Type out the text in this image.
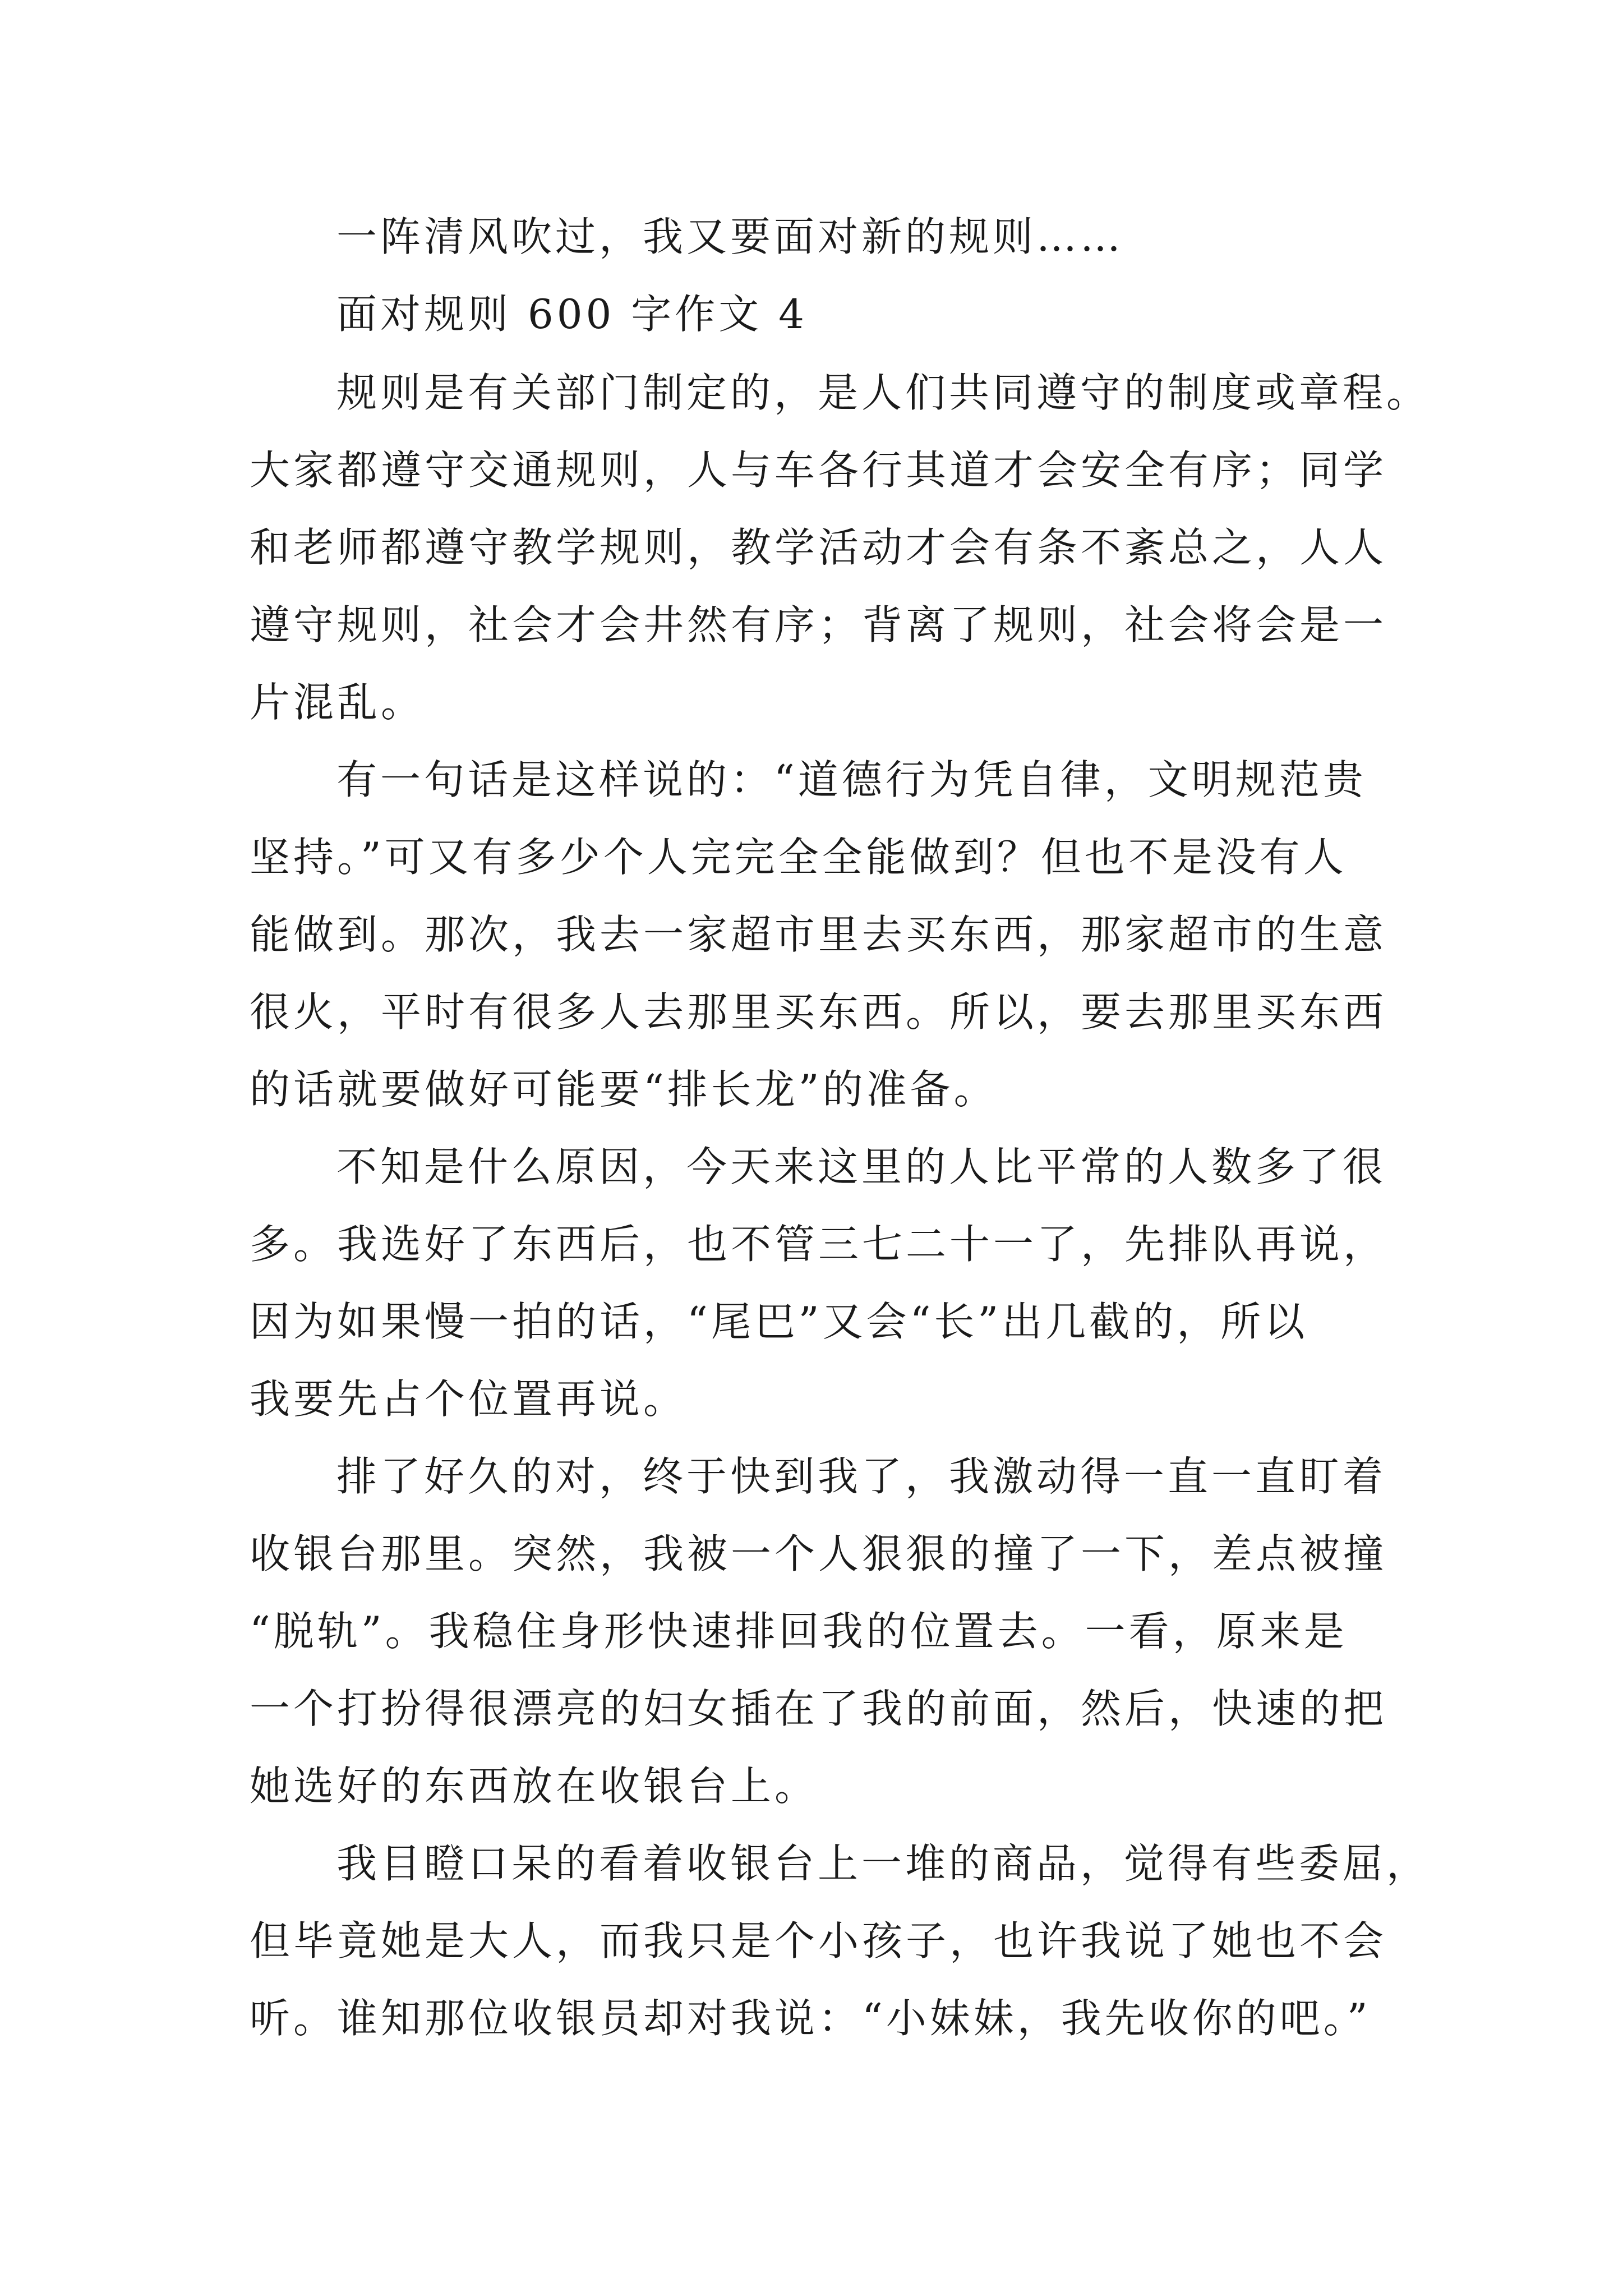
一阵清风吹过，我又要面对新的规则……
面对规则 600 字作文 4
规则是有关部门制定的，是人们共同遵守的制度或章程。
大家都遵守交通规则，人与车各行其道才会安全有序；同学
和老师都遵守教学规则，教学活动才会有条不紊总之，人人
遵守规则，社会才会井然有序；背离了规则，社会将会是一
片混乱。
有一句话是这样说的：“道德行为凭自律，文明规范贵
坚持。”可又有多少个人完完全全能做到？但也不是没有人
能做到。那次，我去一家超市里去买东西，那家超市的生意
很火，平时有很多人去那里买东西。所以，要去那里买东西
的话就要做好可能要“排长龙”的准备。
不知是什么原因，今天来这里的人比平常的人数多了很
多。我选好了东西后，也不管三七二十一了，先排队再说，
因为如果慢一拍的话，“尾巴”又会“长”出几截的，所以
我要先占个位置再说。
排了好久的对，终于快到我了，我激动得一直一直盯着
收银台那里。突然，我被一个人狠狠的撞了一下，差点被撞
“脱轨”。我稳住身形快速排回我的位置去。一看，原来是
一个打扮得很漂亮的妇女插在了我的前面，然后，快速的把
她选好的东西放在收银台上。
我目瞪口呆的看着收银台上一堆的商品，觉得有些委屈，
但毕竟她是大人，而我只是个小孩子，也许我说了她也不会
听。谁知那位收银员却对我说：“小妹妹，我先收你的吧。”
